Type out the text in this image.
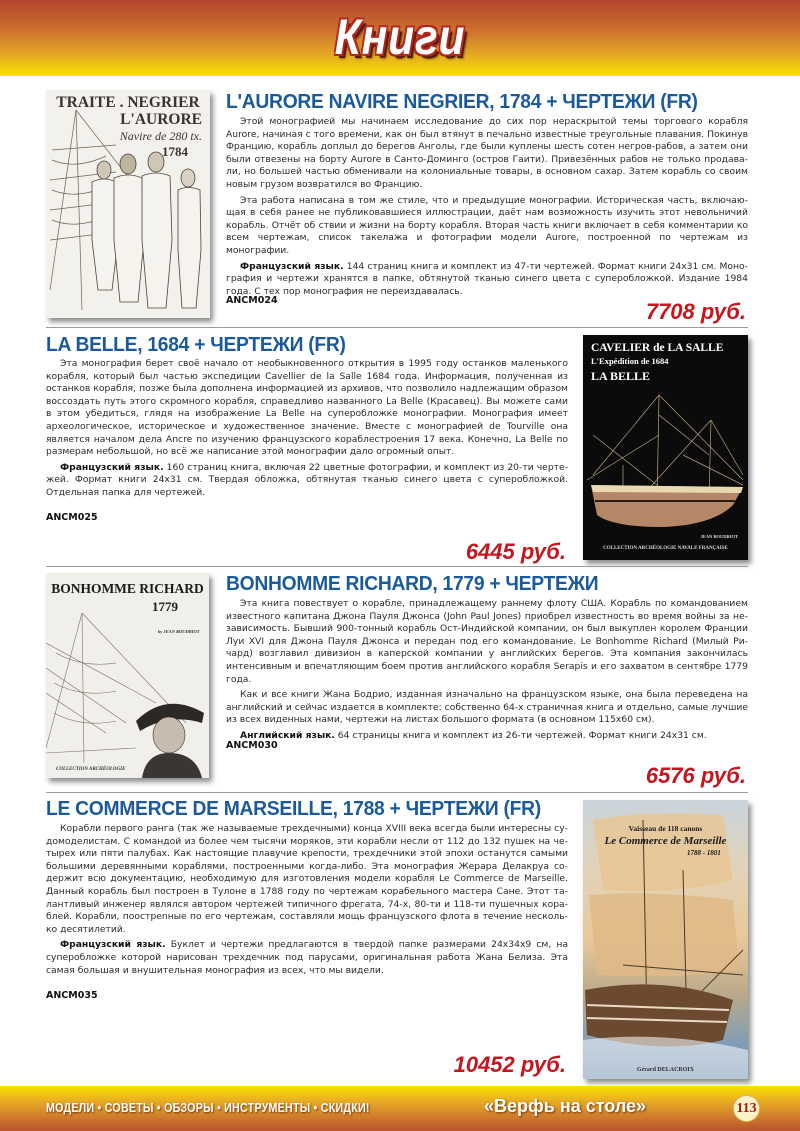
Книги
TRAITE . NEGRIER
L'AURORE
Navire de 280 tx.
1784
L'AURORE NAVIRE NEGRIER, 1784 + ЧЕРТЕЖИ (FR)

Этой монографией мы начинаем исследование до сих пор нераскрытой темы торгового корабля Aurore, начиная с того времени, как он был втянут в печально известные треугольные плавания. Покинув Францию, корабль доплыл до берегов Анголы, где были куплены шесть сотен негров-рабов, а затем они были отвезены на борту Aurore в Санто-Доминго (остров Гаити). Привезённых рабов не только продавали, но большей частью обменивали на колониальные товары, в основном сахар. Затем корабль со своим новым грузом возвратился во Францию.

Эта работа написана в том же стиле, что и предыдущие монографии. Историческая часть, включающая в себя ранее не публиковавшиеся иллюстрации, даёт нам возможность изучить этот невольничий корабль. Отчёт об ствии и жизни на борту корабля. Вторая часть книги включает в себя комментарии ко всем чертежам, список такелажа и фотографии модели Aurore, построенной по чертежам из монографии.

Французский язык. 144 страниц книга и комплект из 47-ти чертежей. Формат книги 24x31 см. Монография и чертежи хранятся в папке, обтянутой тканью синего цвета с суперобложкой. Издание 1984 года. С тех пор монография не переиздавалась.

ANCM024	7708 руб.
LA BELLE, 1684 + ЧЕРТЕЖИ (FR)

Эта монография берет своё начало от необыкновенного открытия в 1995 году останков маленького корабля, который был частью экспедиции Cavellier de la Salle 1684 года. Информация, полученная из останков корабля, позже была дополнена информацией из архивов, что позволило надлежащим образом воссоздать путь этого скромного корабля, справедливо названного La Belle (Красавец). Вы можете сами в этом убедиться, глядя на изображение La Belle на суперобложке монографии. Монография имеет археoлогическое, историческое и художественное значение. Вместе с монографией de Tourville она является началом дела Ancre по изучению французского кораблестроения 17 века. Конечно, La Belle по размерам небольшой, но всё же написание этой монографии дало огромный опыт.

Французский язык. 160 страниц книга, включая 22 цветные фотографии, и комплект из 20-ти чертежей. Формат книги 24x31 см. Твердая обложка, обтянутая тканью синего цвета с суперобложкой. Отдельная папка для чертежей.

ANCM025
6445 руб.
CAVELIER de LA SALLE
L'Expédition de 1684
LA BELLE
JEAN BOUDRIOT
COLLECTION ARCHÉOLOGIE NAVALE FRANÇAISE
BONHOMME RICHARD
1779
by JEAN BOUDRIOT
COLLECTION ARCHÉOLOGIE
BONHOMME RICHARD, 1779 + ЧЕРТЕЖИ

Эта книга повествует о корабле, принадлежащему раннему флоту США. Корабль по командованием известного капитана Джона Пауля Джонса (John Paul Jones) приобрел известность во время войны за независимость. Бывший 900-тонный корабль Ост-Индийской компании, он был выкуплен королем Франции Луи XVI для Джона Пауля Джонса и передан под его командование. Le Bonhomme Richard (Милый Ричард) возглавил дивизион в каперской компании у английских берегов. Эта компания закончилась интенсивным и впечатляющим боем против английского корабля Serapis и его захватом в сентябре 1779 года.

Как и все книги Жана Бодрио, изданная изначально на французском языке, она была переведена на английский и сейчас издается в комплекте: собственно 64-х страничная книга и отдельно, самые лучшие из всех виденных нами, чертежи на листах большого формата (в основном 115x60 см).

Английский язык. 64 страницы книга и комплект из 26-ти чертежей. Формат книги 24x31 см.

ANCM030
6576 руб.
LE COMMERCE DE MARSEILLE, 1788 + ЧЕРТЕЖИ (FR)

Корабли первого ранга (так же называемые трехдечными) конца XVIII века всегда были интересны судомоделистам. С командой из более чем тысячи моряков, эти корабли несли от 112 до 132 пушек на четырех или пяти палубах. Как настоящие плавучие крепости, трехдечники этой эпохи останутся самыми большими деревянными кораблями, построенными когда-либо. Эта монография Жерара Делакруа содержит всю документацию, необходимую для изготовления модели корабля Le Commerce de Marseille. Данный корабль был построен в Тулоне в 1788 году по чертежам корабельного мастера Сане. Этот талантливый инженер являлся автором чертежей типичного фрегата, 74-х, 80-ти и 118-ти пушечных кораблей. Корабли, поострenные по его чертежам, составляли мощь французского флота в течение несколько десятилетий.

Французский язык. Буклет и чертежи предлагаются в твердой папке размерами 24x34x9 см, на суперобложке которой нарисован трехдечник под парусами, оригинальная работа Жана Белиза. Эта самая большая и внушительная монография из всех, что мы видели.

ANCM035
10452 руб.
Vaisseau de 118 canons
Le Commerce de Marseille
1788 - 1801
Gérard DELACROIX
МОДЕЛИ • СОВЕТЫ • ОБЗОРЫ • ИНСТРУМЕНТЫ • СКИДКИ!	«Верфь на столе»	113
